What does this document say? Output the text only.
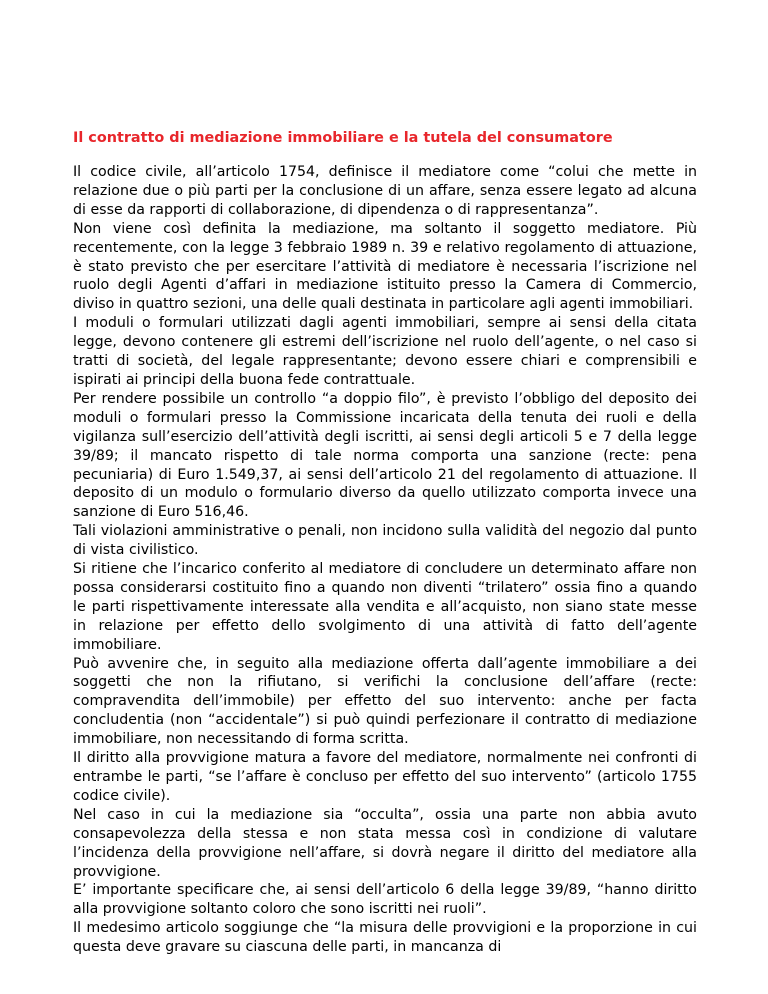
Il contratto di mediazione immobiliare e la tutela del consumatore

Il codice civile, all’articolo 1754, definisce il mediatore come “colui che mette in relazione due o più parti per la conclusione di un affare, senza essere legato ad alcuna di esse da rapporti di collaborazione, di dipendenza o di rappresentanza”.

Non viene così definita la mediazione, ma soltanto il soggetto mediatore. Più recentemente, con la legge 3 febbraio 1989 n. 39 e relativo regolamento di attuazione, è stato previsto che per esercitare l’attività di mediatore è necessaria l’iscrizione nel ruolo degli Agenti d’affari in mediazione istituito presso la Camera di Commercio, diviso in quattro sezioni, una delle quali destinata in particolare agli agenti immobiliari.

I moduli o formulari utilizzati dagli agenti immobiliari, sempre ai sensi della citata legge, devono contenere gli estremi dell’iscrizione nel ruolo dell’agente, o nel caso si tratti di società, del legale rappresentante; devono essere chiari e comprensibili e ispirati ai principi della buona fede contrattuale.

Per rendere possibile un controllo “a doppio filo”, è previsto l’obbligo del deposito dei moduli o formulari presso la Commissione incaricata della tenuta dei ruoli e della vigilanza sull’esercizio dell’attività degli iscritti, ai sensi degli articoli 5 e 7 della legge 39/89; il mancato rispetto di tale norma comporta una sanzione (recte: pena pecuniaria) di Euro 1.549,37, ai sensi dell’articolo 21 del regolamento di attuazione. Il deposito di un modulo o formulario diverso da quello utilizzato comporta invece una sanzione di Euro 516,46.

Tali violazioni amministrative o penali, non incidono sulla validità del negozio dal punto di vista civilistico.

Si ritiene che l’incarico conferito al mediatore di concludere un determinato affare non possa considerarsi costituito fino a quando non diventi “trilatero” ossia fino a quando le parti rispettivamente interessate alla vendita e all’acquisto, non siano state messe in relazione per effetto dello svolgimento di una attività di fatto dell’agente immobiliare.

Può avvenire che, in seguito alla mediazione offerta dall’agente immobiliare a dei soggetti che non la rifiutano, si verifichi la conclusione dell’affare (recte: compravendita dell’immobile) per effetto del suo intervento: anche per facta concludentia (non “accidentale”) si può quindi perfezionare il contratto di mediazione immobiliare, non necessitando di forma scritta.

Il diritto alla provvigione matura a favore del mediatore, normalmente nei confronti di entrambe le parti, “se l’affare è concluso per effetto del suo intervento” (articolo 1755 codice civile).

Nel caso in cui la mediazione sia “occulta”, ossia una parte non abbia avuto consapevolezza della stessa e non stata messa così in condizione di valutare l’incidenza della provvigione nell’affare, si dovrà negare il diritto del mediatore alla provvigione.

E’ importante specificare che, ai sensi dell’articolo 6 della legge 39/89, “hanno diritto alla provvigione soltanto coloro che sono iscritti nei ruoli”.

Il medesimo articolo soggiunge che “la misura delle provvigioni e la proporzione in cui questa deve gravare su ciascuna delle parti, in mancanza di
